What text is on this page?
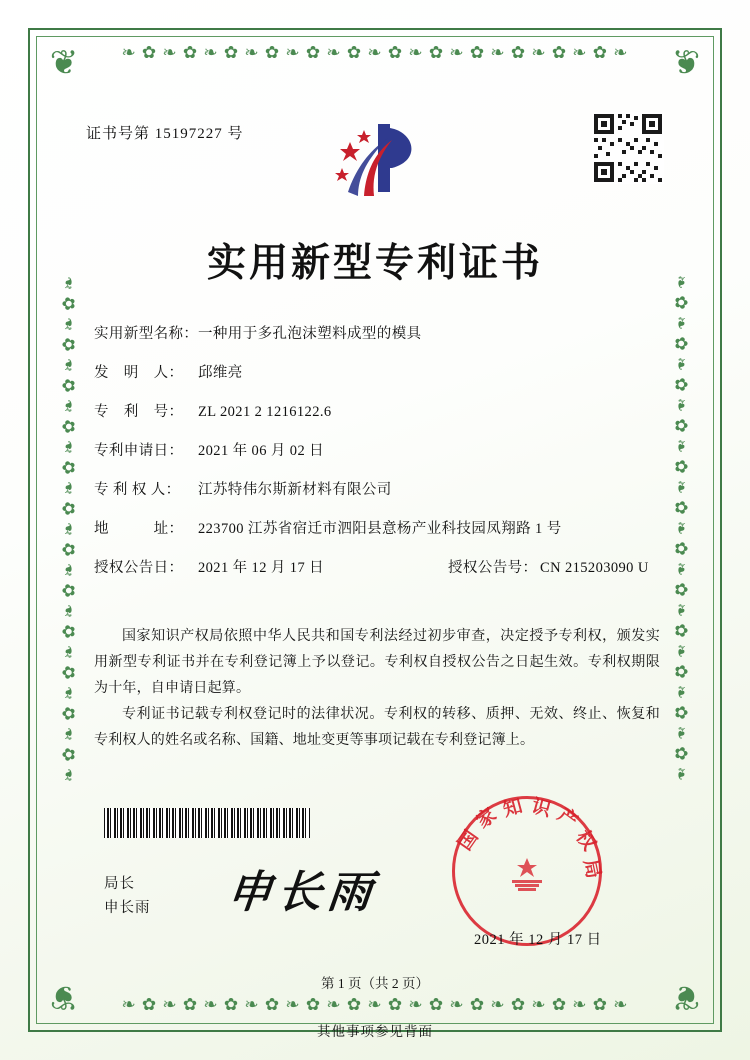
❧ ✿ ❧ ✿ ❧ ✿ ❧ ✿ ❧ ✿ ❧ ✿ ❧ ✿ ❧ ✿ ❧ ✿ ❧ ✿ ❧ ✿ ❧ ✿ ❧
❧ ✿ ❧ ✿ ❧ ✿ ❧ ✿ ❧ ✿ ❧ ✿ ❧ ✿ ❧ ✿ ❧ ✿ ❧ ✿ ❧ ✿ ❧ ✿ ❧
❧ ✿ ❧ ✿ ❧ ✿ ❧ ✿ ❧ ✿ ❧ ✿ ❧ ✿ ❧ ✿ ❧ ✿ ❧ ✿ ❧ ✿ ❧ ✿ ❧	❧ ✿ ❧ ✿ ❧ ✿ ❧ ✿ ❧ ✿ ❧ ✿ ❧ ✿ ❧ ✿ ❧ ✿ ❧ ✿ ❧ ✿ ❧ ✿ ❧
❦	❦
❦	❦
证书号第 15197227 号
实用新型专利证书
实用新型名称： 一种用于多孔泡沫塑料成型的模具
发　明　人：	邱维亮
专　利　号：	ZL 2021 2 1216122.6
专利申请日：	2021 年 06 月 02 日
专 利 权 人：	江苏特伟尔斯新材料有限公司
地　　　址：	223700 江苏省宿迁市泗阳县意杨产业科技园凤翔路 1 号
授权公告日：	2021 年 12 月 17 日	授权公告号： CN 215203090 U
国家知识产权局依照中华人民共和国专利法经过初步审查，决定授予专利权，颁发实用新型专利证书并在专利登记簿上予以登记。专利权自授权公告之日起生效。专利权期限为十年，自申请日起算。
专利证书记载专利权登记时的法律状况。专利权的转移、质押、无效、终止、恢复和专利权人的姓名或名称、国籍、地址变更等事项记载在专利登记簿上。
局长
申长雨 申长雨
国
家 知 识 产
权
局
2021 年 12 月 17 日
第 1 页（共 2 页）
其他事项参见背面
